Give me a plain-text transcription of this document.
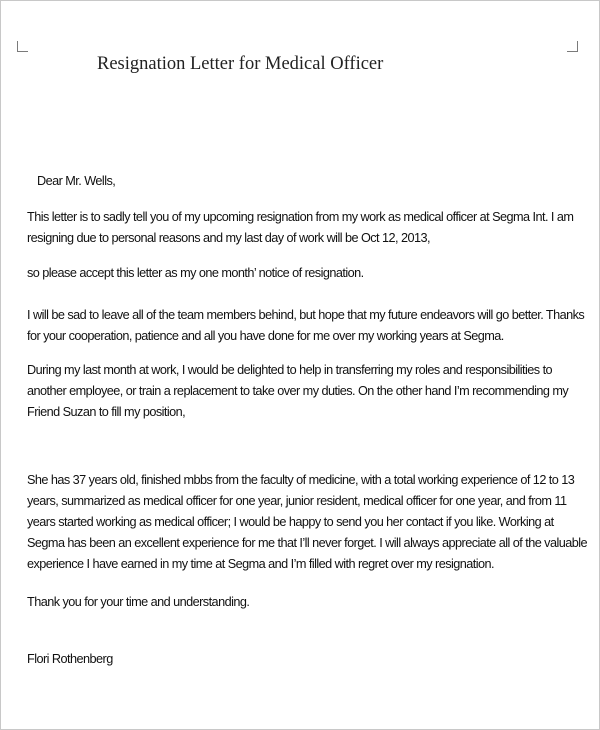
Resignation Letter for Medical Officer

Dear Mr. Wells,

This letter is to sadly tell you of my upcoming resignation from my work as medical officer at Segma Int. I am
resigning due to personal reasons and my last day of work will be Oct 12, 2013,

so please accept this letter as my one month’ notice of resignation.

I will be sad to leave all of the team members behind, but hope that my future endeavors will go better. Thanks
for your cooperation, patience and all you have done for me over my working years at Segma.

During my last month at work, I would be delighted to help in transferring my roles and responsibilities to
another employee, or train a replacement to take over my duties. On the other hand I’m recommending my
Friend Suzan to fill my position,

She has 37 years old, finished mbbs from the faculty of medicine, with a total working experience of 12 to 13
years, summarized as medical officer for one year, junior resident, medical officer for one year, and from 11
years started working as medical officer; I would be happy to send you her contact if you like. Working at
Segma has been an excellent experience for me that I’ll never forget. I will always appreciate all of the valuable
experience I have earned in my time at Segma and I’m filled with regret over my resignation.

Thank you for your time and understanding.

Flori Rothenberg
